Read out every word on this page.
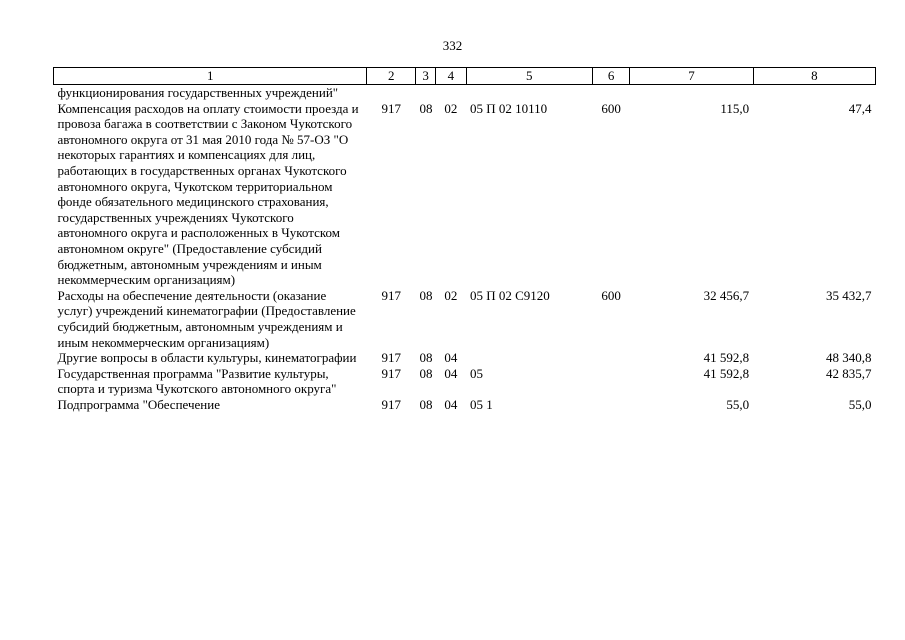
332
1	2	3	4	5	6	7	8
функционирования государственных учреждений"							
Компенсация расходов на оплату стоимости проезда и провоза багажа в соответствии с Законом Чукотского автономного округа от 31 мая 2010 года № 57-ОЗ "О некоторых гарантиях и компенсациях для лиц, работающих в государственных органах Чукотского автономного округа, Чукотском территориальном фонде обязательного медицинского страхования, государственных учреждениях Чукотского автономного округа и расположенных в Чукотском автономном округе" (Предоставление субсидий бюджетным, автономным учреждениям и иным некоммерческим организациям)	917	08	02	05 П 02 10110	600	115,0	47,4
Расходы на обеспечение деятельности (оказание услуг) учреждений кинематографии (Предоставление субсидий бюджетным, автономным учреждениям и иным некоммерческим организациям)	917	08	02	05 П 02 С9120	600	32 456,7	35 432,7
Другие вопросы в области культуры, кинематографии	917	08	04			41 592,8	48 340,8
Государственная программа "Развитие культуры, спорта и туризма Чукотского автономного округа"	917	08	04	05		41 592,8	42 835,7
Подпрограмма "Обеспечение	917	08	04	05 1		55,0	55,0
